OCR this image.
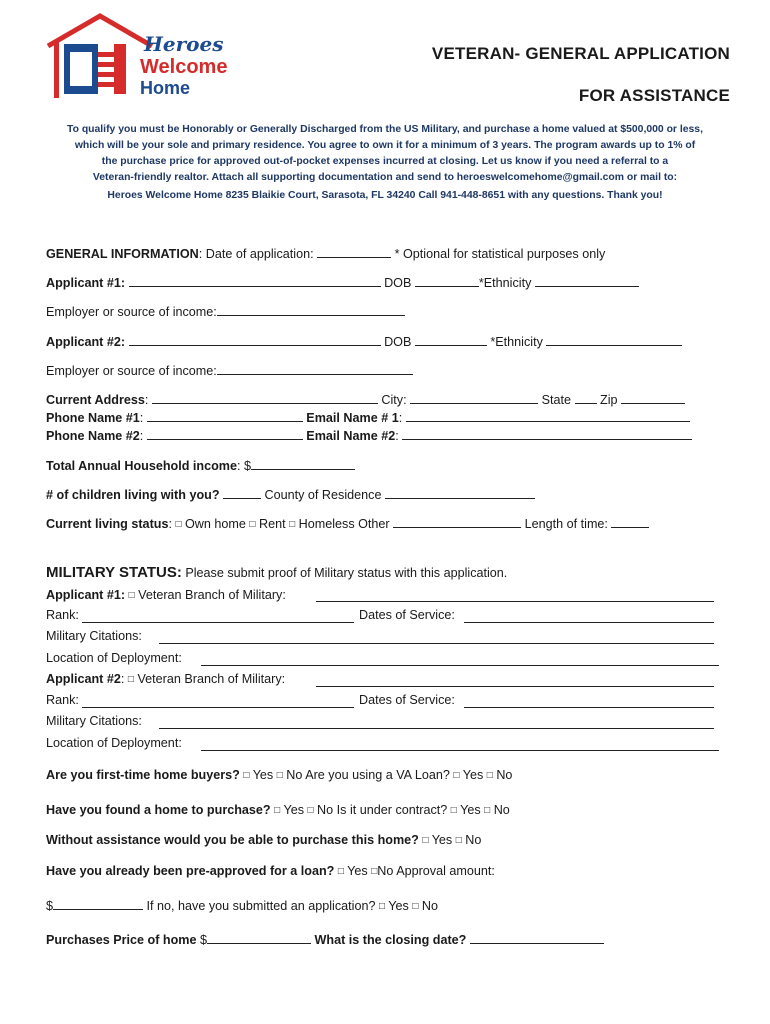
Heroes
Welcome
Home
VETERAN- GENERAL APPLICATION
FOR ASSISTANCE
To qualify you must be Honorably or Generally Discharged from the US Military, and purchase a home valued at $500,000 or less,
which will be your sole and primary residence. You agree to own it for a minimum of 3 years. The program awards up to 1% of
the purchase price for approved out-of-pocket expenses incurred at closing. Let us know if you need a referral to a
Veteran-friendly realtor. Attach all supporting documentation and send to heroeswelcomehome@gmail.com or mail to:
Heroes Welcome Home 8235 Blaikie Court, Sarasota, FL 34240 Call 941-448-8651 with any questions. Thank you!
GENERAL INFORMATION: Date of application:	* Optional for statistical purposes only
Applicant #1:	DOB	*Ethnicity
Employer or source of income:
Applicant #2:	DOB	*Ethnicity
Employer or source of income:
Current Address:	City:	State Zip
Phone Name #1:	Email Name # 1:
Phone Name #2:	Email Name #2:
Total Annual Household income: $
# of children living with you?	County of Residence
Current living status: □ Own home □ Rent □ Homeless Other	Length of time:
MILITARY STATUS: Please submit proof of Military status with this application.
Applicant #1: □ Veteran Branch of Military:
Rank:	Dates of Service:
Military Citations:
Location of Deployment:
Applicant #2: □ Veteran Branch of Military:
Rank:	Dates of Service:
Military Citations:
Location of Deployment:
Are you first-time home buyers? □ Yes □ No Are you using a VA Loan? □ Yes □ No
Have you found a home to purchase? □ Yes □ No Is it under contract? □ Yes □ No
Without assistance would you be able to purchase this home? □ Yes □ No
Have you already been pre-approved for a loan? □ Yes □No Approval amount:
$	If no, have you submitted an application? □ Yes □ No
Purchases Price of home $	What is the closing date?
